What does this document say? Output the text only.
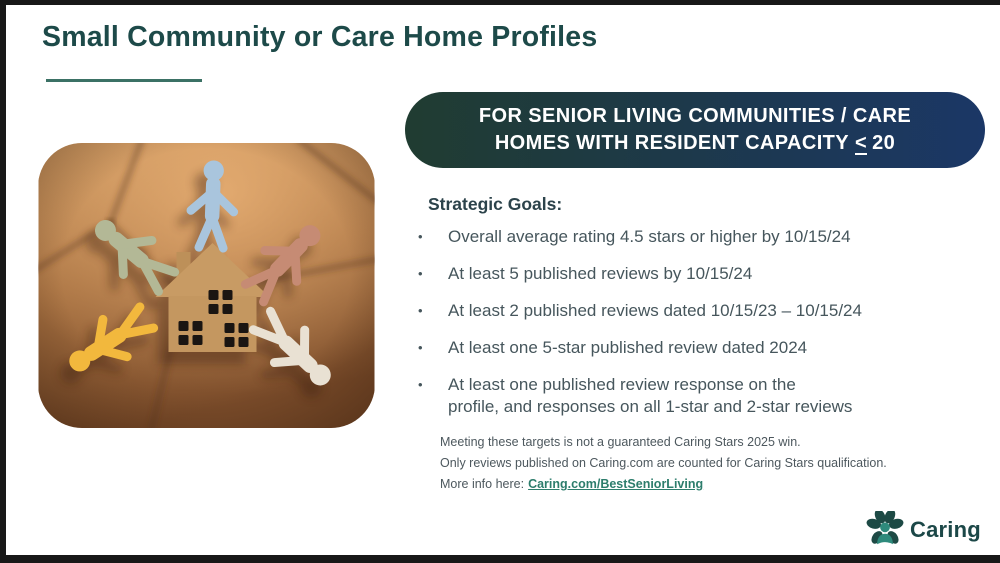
Small Community or Care Home Profiles
FOR SENIOR LIVING COMMUNITIES / CARE
HOMES WITH RESIDENT CAPACITY < 20
Strategic Goals:
•	Overall average rating 4.5 stars or higher by 10/15/24
•	At least 5 published reviews by 10/15/24
•	At least 2 published reviews dated 10/15/23 – 10/15/24
•	At least one 5-star published review dated 2024
•	At least one published review response on the
profile, and responses on all 1-star and 2-star reviews
Meeting these targets is not a guaranteed Caring Stars 2025 win.
Only reviews published on Caring.com are counted for Caring Stars qualification.
More info here: Caring.com/BestSeniorLiving
Caring
